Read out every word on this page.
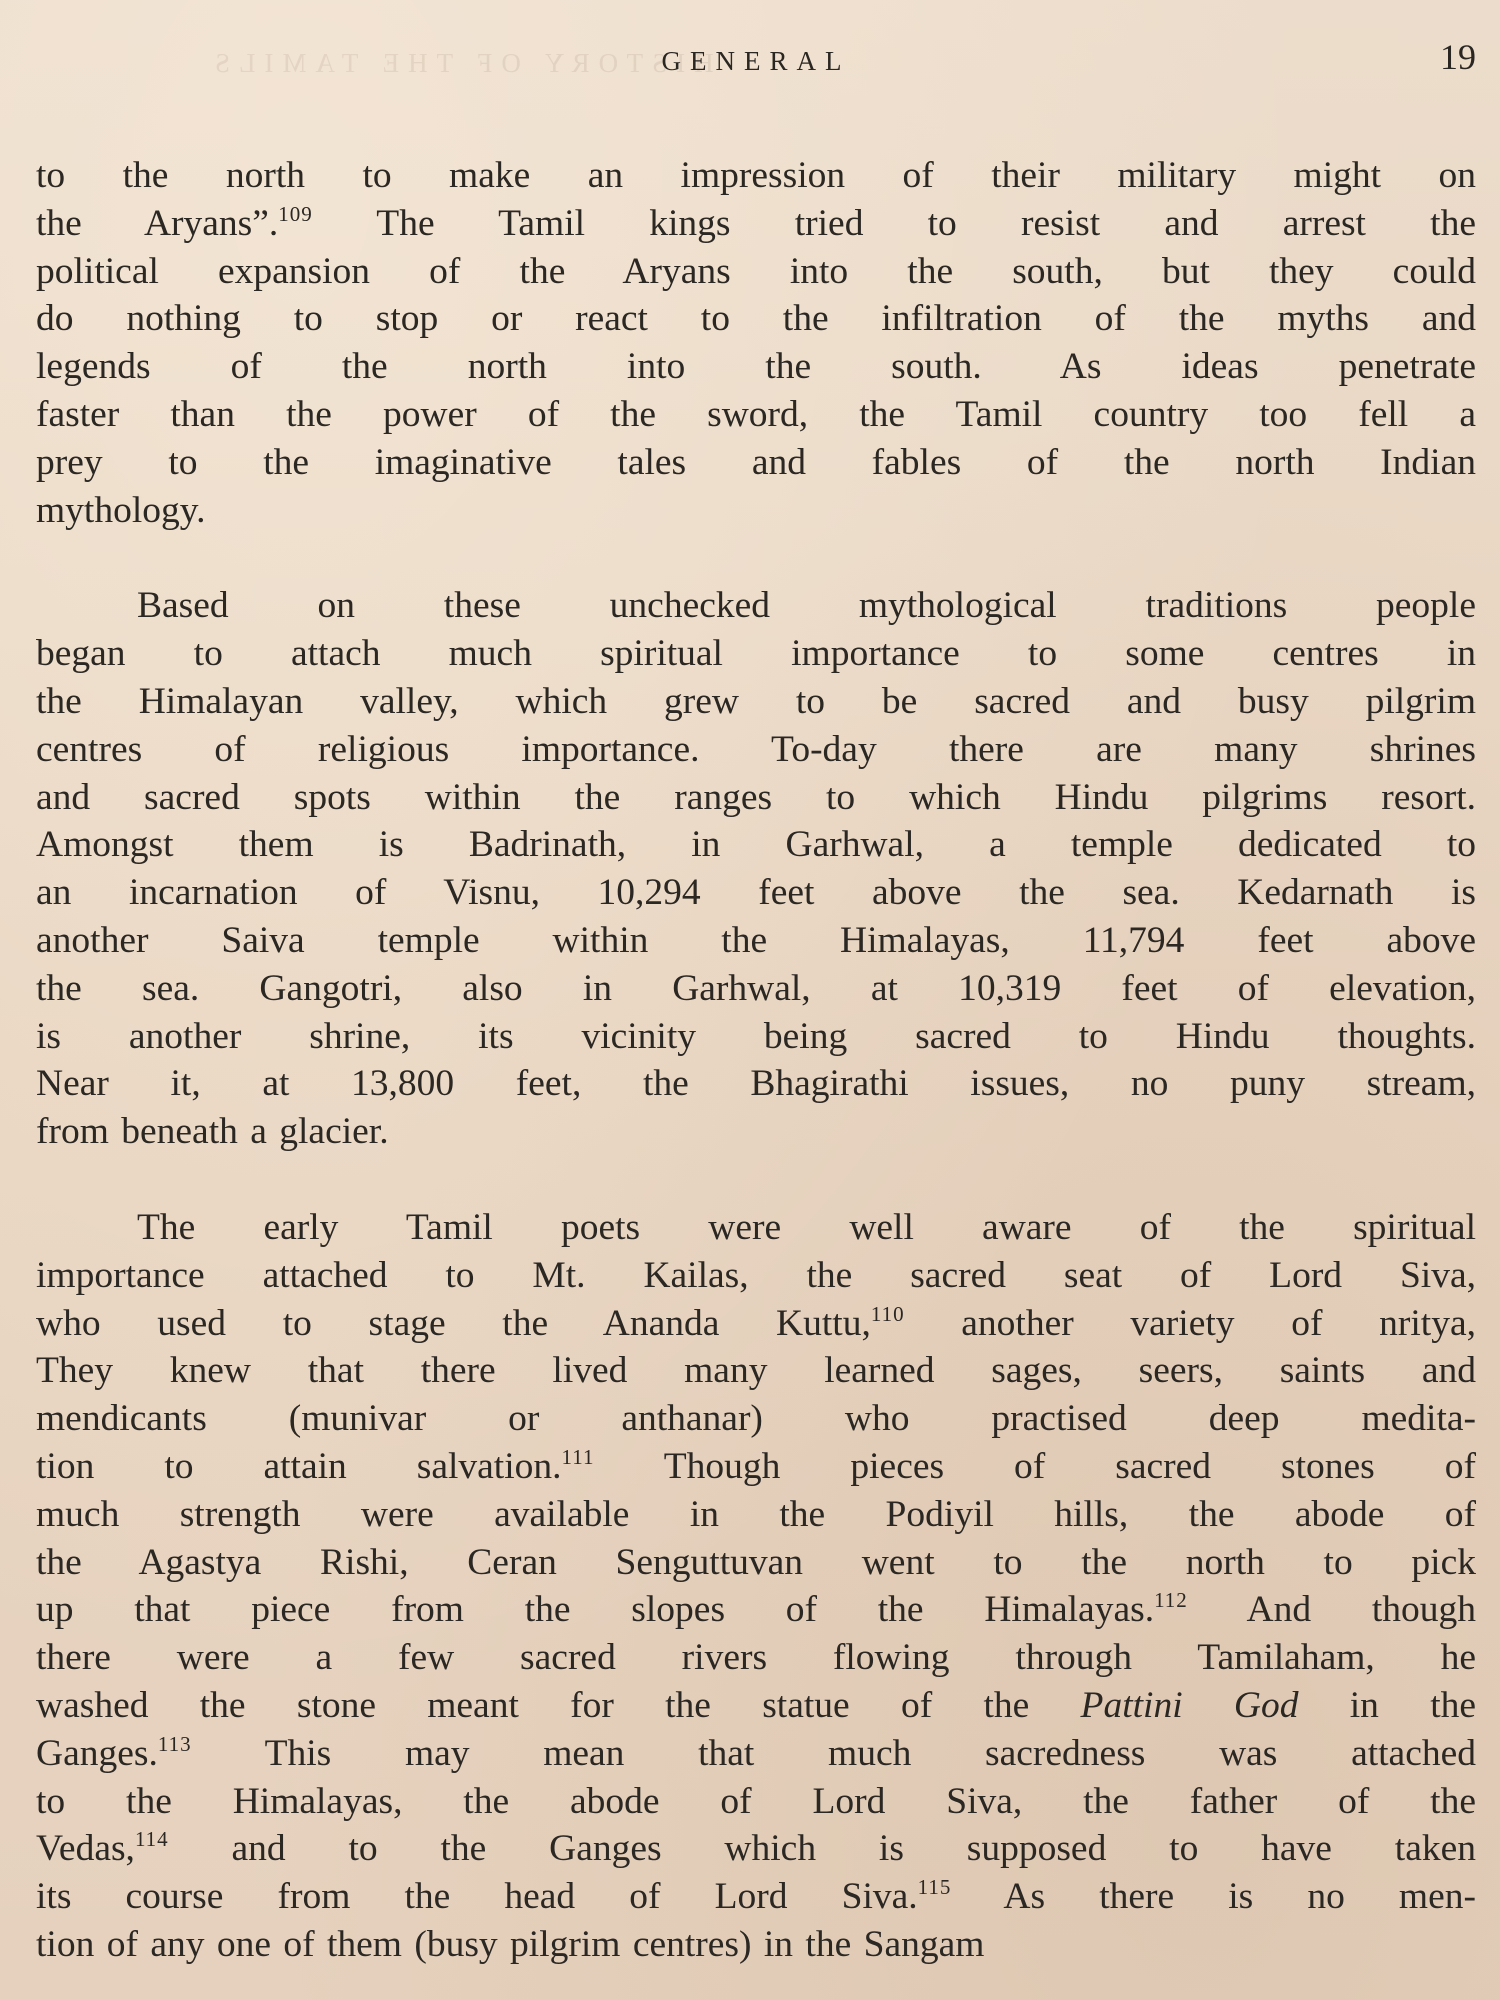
HISTORY OF THE TAMILS
GENERAL	19

to the north to make an impression of their military might on
the Aryans”.$^{109}$ The Tamil kings tried to resist and arrest the
political expansion of the Aryans into the south, but they could
do nothing to stop or react to the infiltration of the myths and
legends of the north into the south. As ideas penetrate
faster than the power of the sword, the Tamil country too fell a
prey to the imaginative tales and fables of the north Indian
mythology.

Based on these unchecked mythological traditions people
began to attach much spiritual importance to some centres in
the Himalayan valley, which grew to be sacred and busy pilgrim
centres of religious importance. To-day there are many shrines
and sacred spots within the ranges to which Hindu pilgrims resort.
Amongst them is Badrinath, in Garhwal, a temple dedicated to
an incarnation of Visnu, 10,294 feet above the sea. Kedarnath is
another Saiva temple within the Himalayas, 11,794 feet above
the sea. Gangotri, also in Garhwal, at 10,319 feet of elevation,
is another shrine, its vicinity being sacred to Hindu thoughts.
Near it, at 13,800 feet, the Bhagirathi issues, no puny stream,
from beneath a glacier.

The early Tamil poets were well aware of the spiritual
importance attached to Mt. Kailas, the sacred seat of Lord Siva,
who used to stage the Ananda Kuttu,$^{110}$ another variety of nritya,
They knew that there lived many learned sages, seers, saints and
mendicants (munivar or anthanar) who practised deep medita-
tion to attain salvation.$^{111}$ Though pieces of sacred stones of
much strength were available in the Podiyil hills, the abode of
the Agastya Rishi, Ceran Senguttuvan went to the north to pick
up that piece from the slopes of the Himalayas.$^{112}$ And though
there were a few sacred rivers flowing through Tamilaham, he
washed the stone meant for the statue of the Pattini God in the
Ganges.$^{113}$ This may mean that much sacredness was attached
to the Himalayas, the abode of Lord Siva, the father of the
Vedas,$^{114}$ and to the Ganges which is supposed to have taken
its course from the head of Lord Siva.$^{115}$ As there is no men-
tion of any one of them (busy pilgrim centres) in the Sangam
